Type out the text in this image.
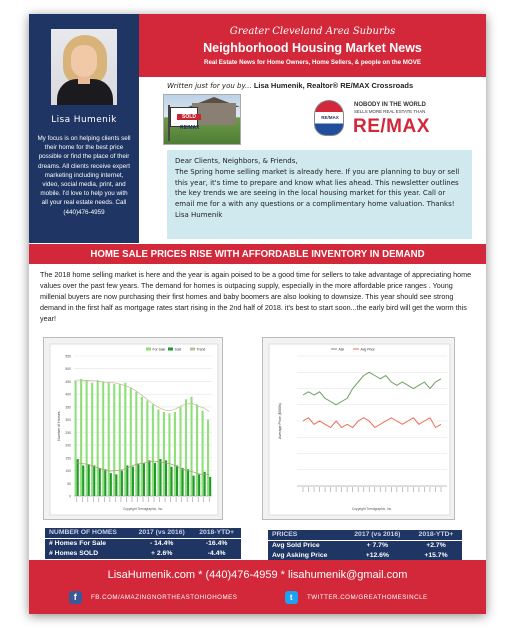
Lisa Humenik
My focus is on helping clients sell their home for the best price possible or find the place of their dreams. All clients receive expert marketing including internet, video, social media, print, and mobile. I'd love to help you with all your real estate needs. Call (440)476-4959
Greater Cleveland Area Suburbs
Neighborhood Housing Market News
Real Estate News for Home Owners, Home Sellers, & people on the MOVE
Written just for you by... Lisa Humenik, Realtor® RE/MAX Crossroads
SOLD
RE/MAX
RE/MAX
NOBODY IN THE WORLD
SELLS MORE REAL ESTATE THAN
RE/MAX
Dear Clients, Neighbors, & Friends,
The Spring home selling market is already here. If you are planning to buy or sell this year, it's time to prepare and know what lies ahead. This newsletter outlines the key trends we are seeing in the local housing market for this year. Call or email me for a with any questions or a complimentary home valuation. Thanks! Lisa Humenik
HOME SALE PRICES RISE WITH AFFORDABLE INVENTORY IN DEMAND
The 2018 home selling market is here and the year is again poised to be a good time for sellers to take advantage of appreciating home values over the past few years. The demand for homes is outpacing supply, especially in the more affordable price ranges . Young millenial buyers are now purchasing their first homes and baby boomers are also looking to downsize. This year should see strong demand in the first half as mortgage rates start rising in the 2nd half of 2018. it's best to start soon...the early bird will get the worm this year!
0
50
100
150
200
250
300
350
400
450
500
550
Number of Homes
Copyright Trendgraphix, Inc.
For Sale	Sold	Trend
Average Price ($000s)
Copyright Trendgraphix, Inc.
Ask	Avg Price
NUMBER OF HOMES	2017 (vs 2016)	2018-YTD+
# Homes For Sale	- 14.4%	-16.4%
# Homes SOLD	+ 2.6%	-4.4%
PRICES	2017 (vs 2016)	2018-YTD+
Avg Sold Price	+ 7.7%	+2.7%
Avg Asking Price	+12.6%	+15.7%
LisaHumenik.com * (440)476-4959 * lisahumenik@gmail.com
f FB.COM/AMAZINGNORTHEASTOHIOHOMES	t TWITTER.COM/GREATHOMESINCLE
